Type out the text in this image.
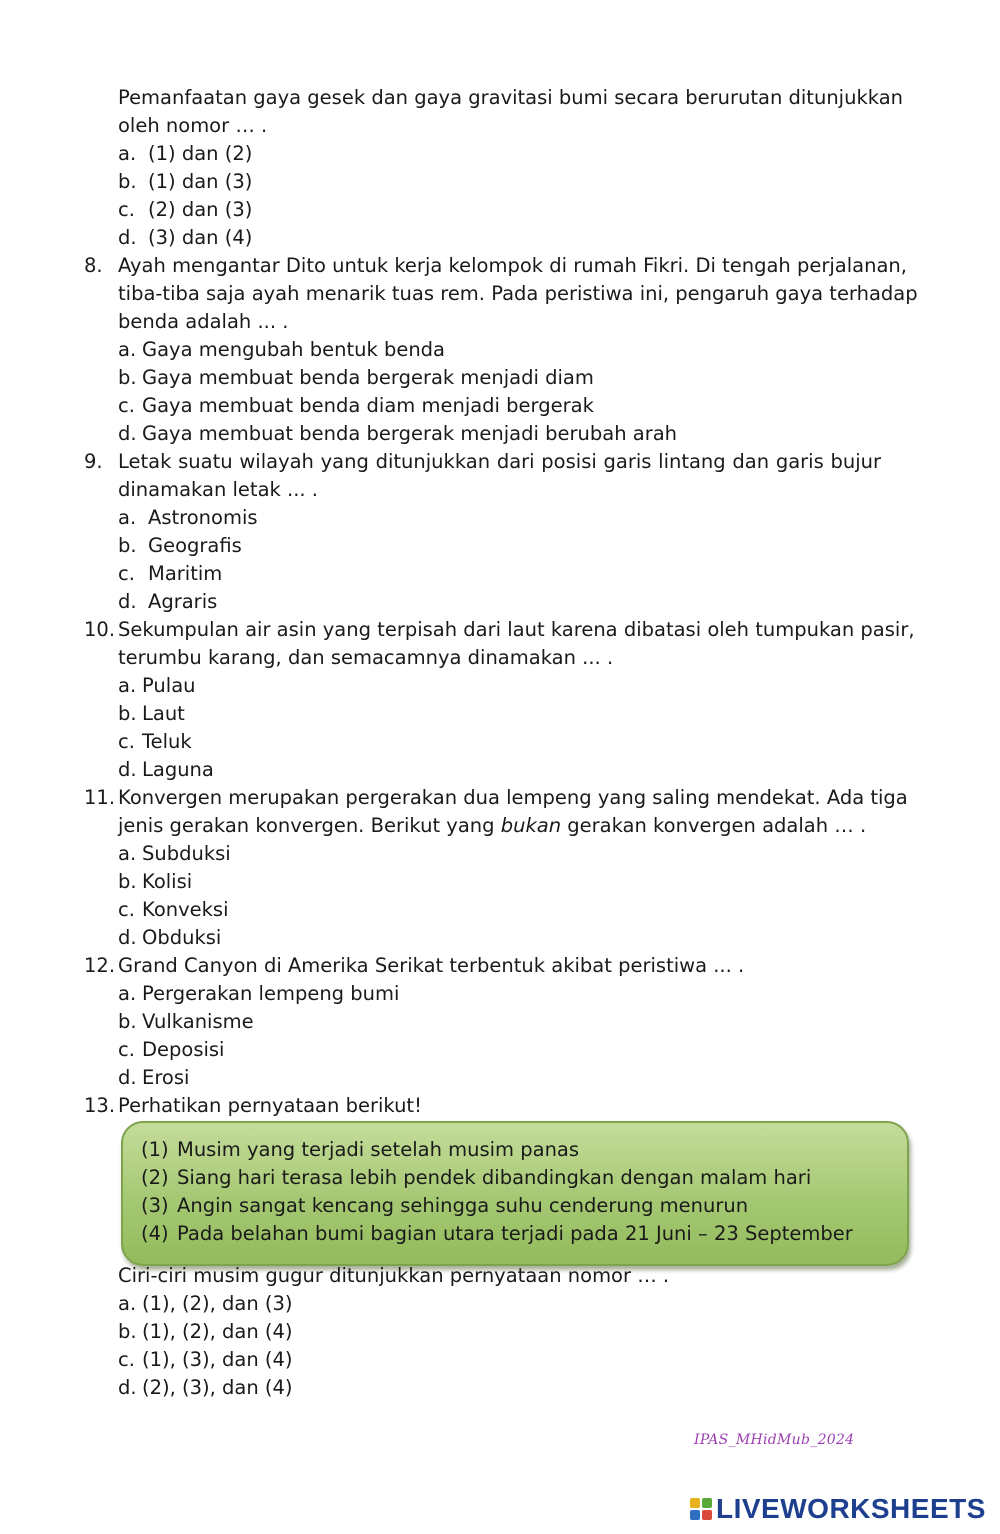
Pemanfaatan gaya gesek dan gaya gravitasi bumi secara berurutan ditunjukkan
oleh nomor … .
a. (1) dan (2)
b. (1) dan (3)
c. (2) dan (3)
d. (3) dan (4)
8. Ayah mengantar Dito untuk kerja kelompok di rumah Fikri. Di tengah perjalanan,
tiba-tiba saja ayah menarik tuas rem. Pada peristiwa ini, pengaruh gaya terhadap
benda adalah ... .
a. Gaya mengubah bentuk benda
b. Gaya membuat benda bergerak menjadi diam
c. Gaya membuat benda diam menjadi bergerak
d. Gaya membuat benda bergerak menjadi berubah arah
9. Letak suatu wilayah yang ditunjukkan dari posisi garis lintang dan garis bujur
dinamakan letak ... .
a. Astronomis
b. Geografis
c. Maritim
d. Agraris
10. Sekumpulan air asin yang terpisah dari laut karena dibatasi oleh tumpukan pasir,
terumbu karang, dan semacamnya dinamakan ... .
a. Pulau
b. Laut
c. Teluk
d. Laguna
11. Konvergen merupakan pergerakan dua lempeng yang saling mendekat. Ada tiga
jenis gerakan konvergen. Berikut yang bukan gerakan konvergen adalah … .
a. Subduksi
b. Kolisi
c. Konveksi
d. Obduksi
12. Grand Canyon di Amerika Serikat terbentuk akibat peristiwa ... .
a. Pergerakan lempeng bumi
b. Vulkanisme
c. Deposisi
d. Erosi
13. Perhatikan pernyataan berikut!
(1) Musim yang terjadi setelah musim panas
(2) Siang hari terasa lebih pendek dibandingkan dengan malam hari
(3) Angin sangat kencang sehingga suhu cenderung menurun
(4) Pada belahan bumi bagian utara terjadi pada 21 Juni – 23 September
Ciri-ciri musim gugur ditunjukkan pernyataan nomor … .
a. (1), (2), dan (3)
b. (1), (2), dan (4)
c. (1), (3), dan (4)
d. (2), (3), dan (4)
IPAS_MHidMub_2024
LIVEWORKSHEETS
